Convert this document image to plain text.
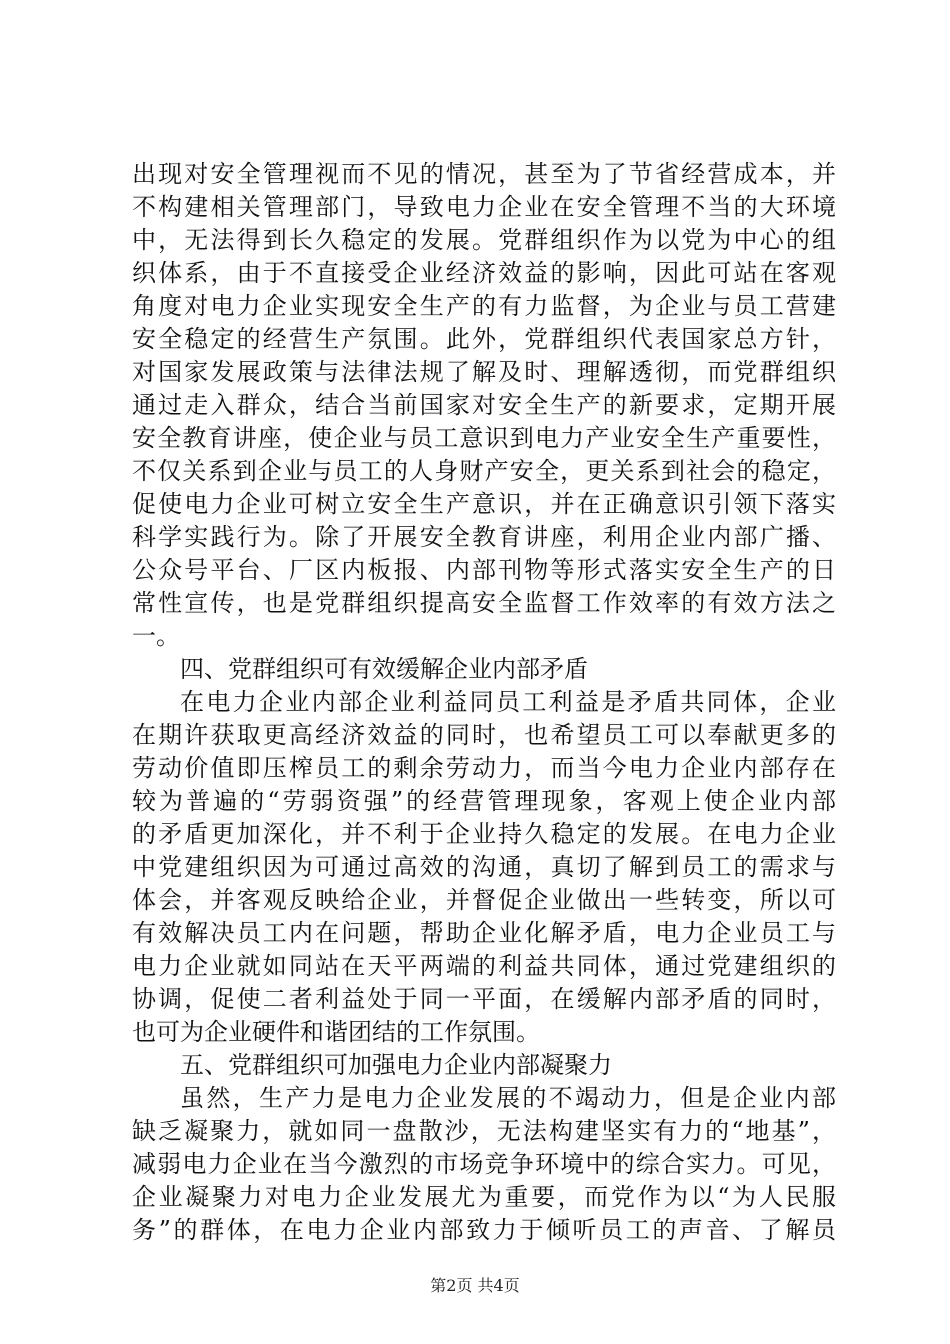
出现对安全管理视而不见的情况，甚至为了节省经营成本，并
不构建相关管理部门，导致电力企业在安全管理不当的大环境
中，无法得到长久稳定的发展。党群组织作为以党为中心的组
织体系，由于不直接受企业经济效益的影响，因此可站在客观
角度对电力企业实现安全生产的有力监督，为企业与员工营建
安全稳定的经营生产氛围。此外，党群组织代表国家总方针，
对国家发展政策与法律法规了解及时、理解透彻，而党群组织
通过走入群众，结合当前国家对安全生产的新要求，定期开展
安全教育讲座，使企业与员工意识到电力产业安全生产重要性，
不仅关系到企业与员工的人身财产安全，更关系到社会的稳定，
促使电力企业可树立安全生产意识，并在正确意识引领下落实
科学实践行为。除了开展安全教育讲座，利用企业内部广播、
公众号平台、厂区内板报、内部刊物等形式落实安全生产的日
常性宣传，也是党群组织提高安全监督工作效率的有效方法之
一。
四、党群组织可有效缓解企业内部矛盾
在电力企业内部企业利益同员工利益是矛盾共同体，企业
在期许获取更高经济效益的同时，也希望员工可以奉献更多的
劳动价值即压榨员工的剩余劳动力，而当今电力企业内部存在
较为普遍的“劳弱资强”的经营管理现象，客观上使企业内部
的矛盾更加深化，并不利于企业持久稳定的发展。在电力企业
中党建组织因为可通过高效的沟通，真切了解到员工的需求与
体会，并客观反映给企业，并督促企业做出一些转变，所以可
有效解决员工内在问题，帮助企业化解矛盾，电力企业员工与
电力企业就如同站在天平两端的利益共同体，通过党建组织的
协调，促使二者利益处于同一平面，在缓解内部矛盾的同时，
也可为企业硬件和谐团结的工作氛围。
五、党群组织可加强电力企业内部凝聚力
虽然，生产力是电力企业发展的不竭动力，但是企业内部
缺乏凝聚力，就如同一盘散沙，无法构建坚实有力的“地基”，
减弱电力企业在当今激烈的市场竞争环境中的综合实力。可见，
企业凝聚力对电力企业发展尤为重要，而党作为以“为人民服
务”的群体，在电力企业内部致力于倾听员工的声音、了解员
第2页 共4页
